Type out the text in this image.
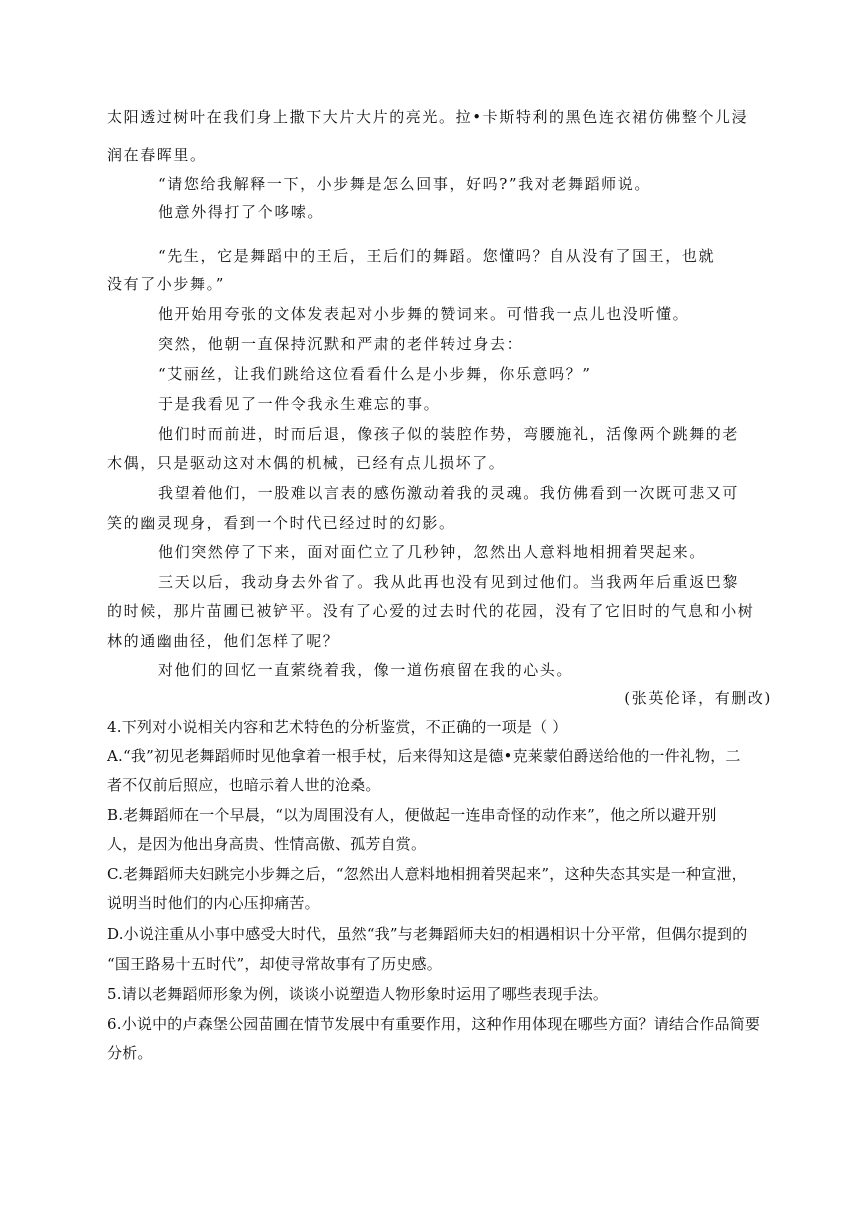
太阳透过树叶在我们身上撒下大片大片的亮光。拉•卡斯特利的黑色连衣裙仿佛整个儿浸
润在春晖里。
“请您给我解释一下，小步舞是怎么回事，好吗?”我对老舞蹈师说。
他意外得打了个哆嗦。
“先生，它是舞蹈中的王后，王后们的舞蹈。您懂吗？自从没有了国王，也就
没有了小步舞。”
他开始用夸张的文体发表起对小步舞的赞词来。可惜我一点儿也没听懂。
突然，他朝一直保持沉默和严肃的老伴转过身去：
“艾丽丝，让我们跳给这位看看什么是小步舞，你乐意吗？”
于是我看见了一件令我永生难忘的事。
他们时而前进，时而后退，像孩子似的装腔作势，弯腰施礼，活像两个跳舞的老
木偶，只是驱动这对木偶的机械，已经有点儿损坏了。
我望着他们，一股难以言表的感伤激动着我的灵魂。我仿佛看到一次既可悲又可
笑的幽灵现身，看到一个时代已经过时的幻影。
他们突然停了下来，面对面伫立了几秒钟，忽然出人意料地相拥着哭起来。
三天以后，我动身去外省了。我从此再也没有见到过他们。当我两年后重返巴黎
的时候，那片苗圃已被铲平。没有了心爱的过去时代的花园，没有了它旧时的气息和小树
林的通幽曲径，他们怎样了呢？
对他们的回忆一直萦绕着我，像一道伤痕留在我的心头。
(张英伦译，有删改)
4.下列对小说相关内容和艺术特色的分析鉴赏，不正确的一项是（ ）
A.“我”初见老舞蹈师时见他拿着一根手杖，后来得知这是德•克莱蒙伯爵送给他的一件礼物，二
者不仅前后照应，也暗示着人世的沧桑。
B.老舞蹈师在一个早晨，“以为周围没有人，便做起一连串奇怪的动作来”，他之所以避开别
人，是因为他出身高贵、性情高傲、孤芳自赏。
C.老舞蹈师夫妇跳完小步舞之后，“忽然出人意料地相拥着哭起来”，这种失态其实是一种宣泄，
说明当时他们的内心压抑痛苦。
D.小说注重从小事中感受大时代，虽然“我”与老舞蹈师夫妇的相遇相识十分平常，但偶尔提到的
“国王路易十五时代”，却使寻常故事有了历史感。
5.请以老舞蹈师形象为例，谈谈小说塑造人物形象时运用了哪些表现手法。
6.小说中的卢森堡公园苗圃在情节发展中有重要作用，这种作用体现在哪些方面？请结合作品简要
分析。
